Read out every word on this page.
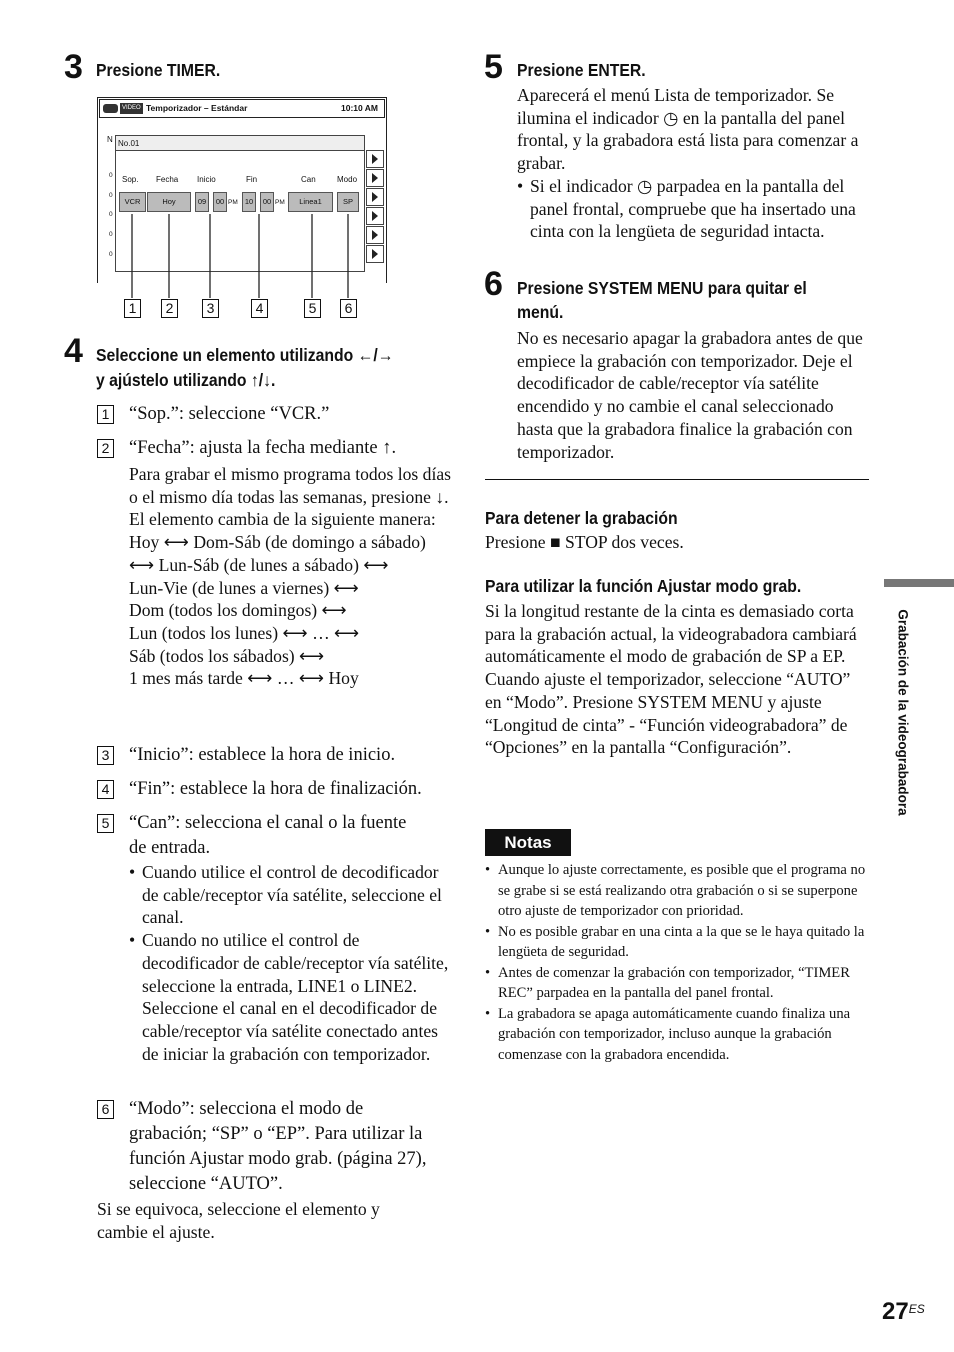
3 Presione TIMER.
VIDEO Temporizador – Estándar	10:10 AM
N
0
0
0
0
0
No.01
Sop. Fecha Inicio	Fin	Can	Modo
VCR	Hoy	09	00 PM 10	00 PM	Linea1	SP
1	2	3	4	5	6
4 Seleccione un elemento utilizando ←/→
y ajústelo utilizando ↑/↓.
1 “Sop.”: seleccione “VCR.”
2 “Fecha”: ajusta la fecha mediante ↑.

Para grabar el mismo programa todos los días o el mismo día todas las semanas, presione ↓.

El elemento cambia de la siguiente manera:

Hoy ⟷ Dom-Sáb (de domingo a sábado)

⟷ Lun-Sáb (de lunes a sábado) ⟷

Lun-Vie (de lunes a viernes) ⟷

Dom (todos los domingos) ⟷

Lun (todos los lunes) ⟷ … ⟷

Sáb (todos los sábados) ⟷

1 mes más tarde ⟷ … ⟷ Hoy

3 “Inicio”: establece la hora de inicio.
4 “Fin”: establece la hora de finalización.
5 “Can”: selecciona el canal o la fuente
de entrada.
• Cuando utilice el control de decodificador de cable/receptor vía satélite, seleccione el canal.
• Cuando no utilice el control de decodificador de cable/receptor vía satélite, seleccione la entrada, LINE1 o LINE2. Seleccione el canal en el decodificador de cable/receptor vía satélite conectado antes de iniciar la grabación con temporizador.
6 “Modo”: selecciona el modo de
grabación; “SP” o “EP”. Para utilizar la función Ajustar modo grab. (página 27), seleccione “AUTO”.
Si se equivoca, seleccione el elemento y cambie el ajuste.
5 Presione ENTER.

Aparecerá el menú Lista de temporizador. Se ilumina el indicador ◷ en la pantalla del panel frontal, y la grabadora está lista para comenzar a grabar.

• Si el indicador ◷ parpadea en la pantalla del panel frontal, compruebe que ha insertado una cinta con la lengüeta de seguridad intacta.
6 Presione SYSTEM MENU para quitar el menú.
No es necesario apagar la grabadora antes de que empiece la grabación con temporizador. Deje el decodificador de cable/receptor vía satélite encendido y no cambie el canal seleccionado hasta que la grabadora finalice la grabación con temporizador.
Para detener la grabación
Presione ■ STOP dos veces.
Para utilizar la función Ajustar modo grab.

Si la longitud restante de la cinta es demasiado corta para la grabación actual, la videograbadora cambiará automáticamente el modo de grabación de SP a EP.

Cuando ajuste el temporizador, seleccione “AUTO” en “Modo”. Presione SYSTEM MENU y ajuste “Longitud de cinta” - “Función videograbadora” de “Opciones” en la pantalla “Configuración”.

Notas
• Aunque lo ajuste correctamente, es posible que el programa no se grabe si se está realizando otra grabación o si se superpone otro ajuste de temporizador con prioridad.
• No es posible grabar en una cinta a la que se le haya quitado la lengüeta de seguridad.
• Antes de comenzar la grabación con temporizador, “TIMER REC” parpadea en la pantalla del panel frontal.
• La grabadora se apaga automáticamente cuando finaliza una grabación con temporizador, incluso aunque la grabación comenzase con la grabadora encendida.
Grabación de la videograbadora
$27^{ES}$
